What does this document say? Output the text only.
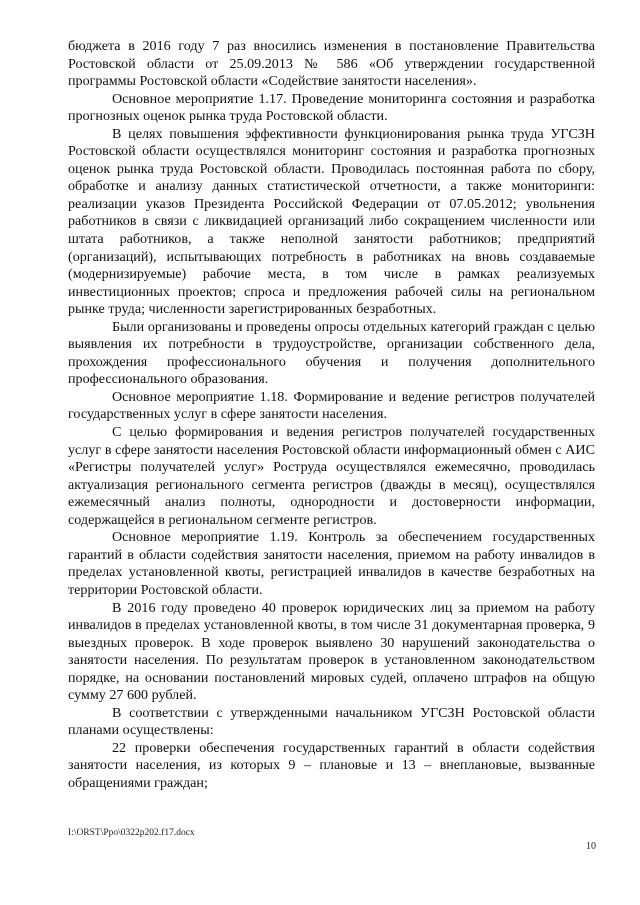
бюджета в 2016 году 7 раз вносились изменения в постановление Правительства Ростовской области от 25.09.2013 № 586 «Об утверждении государственной программы Ростовской области «Содействие занятости населения».

Основное мероприятие 1.17. Проведение мониторинга состояния и разработка прогнозных оценок рынка труда Ростовской области.

В целях повышения эффективности функционирования рынка труда УГСЗН Ростовской области осуществлялся мониторинг состояния и разработка прогнозных оценок рынка труда Ростовской области. Проводилась постоянная работа по сбору, обработке и анализу данных статистической отчетности, а также мониторинги: реализации указов Президента Российской Федерации от 07.05.2012; увольнения работников в связи с ликвидацией организаций либо сокращением численности или штата работников, а также неполной занятости работников; предприятий (организаций), испытывающих потребность в работниках на вновь создаваемые (модернизируемые) рабочие места, в том числе в рамках реализуемых инвестиционных проектов; спроса и предложения рабочей силы на региональном рынке труда; численности зарегистрированных безработных.

Были организованы и проведены опросы отдельных категорий граждан с целью выявления их потребности в трудоустройстве, организации собственного дела, прохождения профессионального обучения и получения дополнительного профессионального образования.

Основное мероприятие 1.18. Формирование и ведение регистров получателей государственных услуг в сфере занятости населения.

С целью формирования и ведения регистров получателей государственных услуг в сфере занятости населения Ростовской области информационный обмен с АИС «Регистры получателей услуг» Роструда осуществлялся ежемесячно, проводилась актуализация регионального сегмента регистров (дважды в месяц), осуществлялся ежемесячный анализ полноты, однородности и достоверности информации, содержащейся в региональном сегменте регистров.

Основное мероприятие 1.19. Контроль за обеспечением государственных гарантий в области содействия занятости населения, приемом на работу инвалидов в пределах установленной квоты, регистрацией инвалидов в качестве безработных на территории Ростовской области.

В 2016 году проведено 40 проверок юридических лиц за приемом на работу инвалидов в пределах установленной квоты, в том числе 31 документарная проверка, 9 выездных проверок. В ходе проверок выявлено 30 нарушений законодательства о занятости населения. По результатам проверок в установленном законодательством порядке, на основании постановлений мировых судей, оплачено штрафов на общую сумму 27 600 рублей.

В соответствии с утвержденными начальником УГСЗН Ростовской области планами осуществлены:

22 проверки обеспечения государственных гарантий в области содействия занятости населения, из которых 9 – плановые и 13 – внеплановые, вызванные обращениями граждан;

I:\ORST\Ppo\0322p202.f17.docx
10
